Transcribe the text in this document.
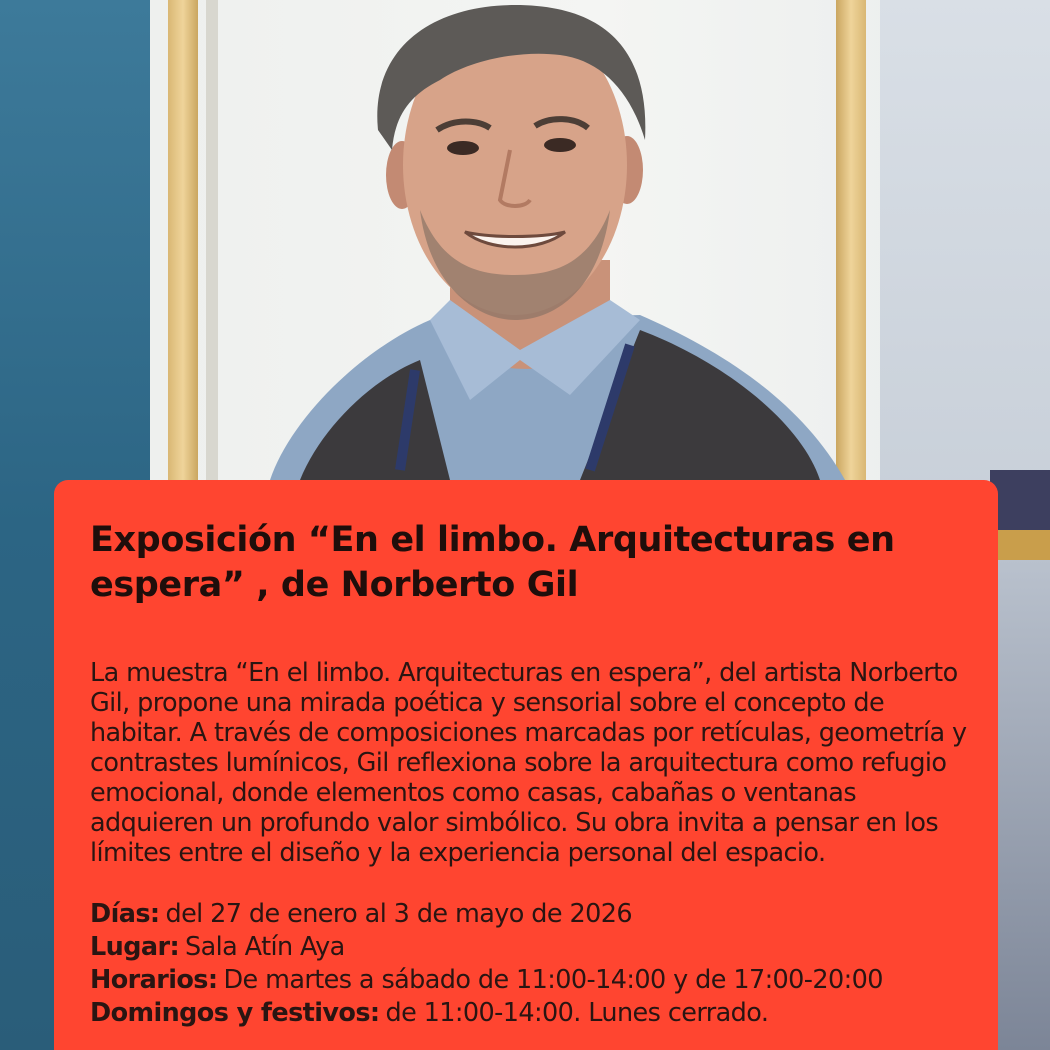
Exposición “En el limbo. Arquitecturas en espera” , de Norberto Gil

La muestra “En el limbo. Arquitecturas en espera”, del artista Norberto Gil, propone una mirada poética y sensorial sobre el concepto de habitar. A través de composiciones marcadas por retículas, geometría y contrastes lumínicos, Gil reflexiona sobre la arquitectura como refugio emocional, donde elementos como casas, cabañas o ventanas adquieren un profundo valor simbólico. Su obra invita a pensar en los límites entre el diseño y la experiencia personal del espacio.

Días: del 27 de enero al 3 de mayo de 2026
Lugar: Sala Atín Aya
Horarios: De martes a sábado de 11:00-14:00 y de 17:00-20:00
Domingos y festivos: de 11:00-14:00. Lunes cerrado.
